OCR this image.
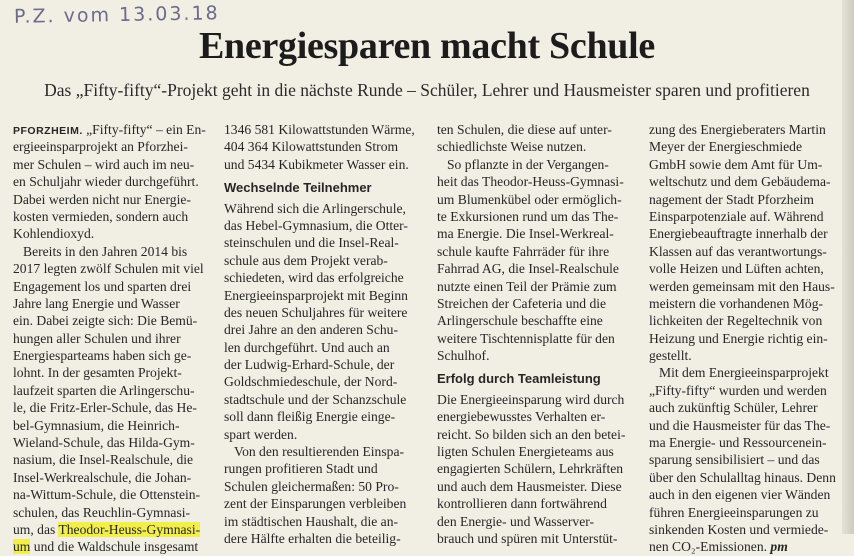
P.Z. vom 13.03.18
Energiesparen macht Schule
Das „Fifty-fifty“-Projekt geht in die nächste Runde – Schüler, Lehrer und Hausmeister sparen und profitieren
PFORZHEIM. „Fifty-fifty“ – ein En-
ergieeinsparprojekt an Pforzhei-
mer Schulen – wird auch im neu-
en Schuljahr wieder durchgeführt.
Dabei werden nicht nur Energie-
kosten vermieden, sondern auch
Kohlendioxyd.
Bereits in den Jahren 2014 bis
2017 legten zwölf Schulen mit viel
Engagement los und sparten drei
Jahre lang Energie und Wasser
ein. Dabei zeigte sich: Die Bemü-
hungen aller Schulen und ihrer
Energiesparteams haben sich ge-
lohnt. In der gesamten Projekt-
laufzeit sparten die Arlingerschu-
le, die Fritz-Erler-Schule, das He-
bel-Gymnasium, die Heinrich-
Wieland-Schule, das Hilda-Gym-
nasium, die Insel-Realschule, die
Insel-Werkrealschule, die Johan-
na-Wittum-Schule, die Ottenstein-
schulen, das Reuchlin-Gymnasi-
um, das Theodor-Heuss-Gymnasi-
um und die Waldschule insgesamt
1346 581 Kilowattstunden Wärme,
404 364 Kilowattstunden Strom
und 5434 Kubikmeter Wasser ein.
Wechselnde Teilnehmer
Während sich die Arlingerschule,
das Hebel-Gymnasium, die Otter-
steinschulen und die Insel-Real-
schule aus dem Projekt verab-
schiedeten, wird das erfolgreiche
Energieeinsparprojekt mit Beginn
des neuen Schuljahres für weitere
drei Jahre an den anderen Schu-
len durchgeführt. Und auch an
der Ludwig-Erhard-Schule, der
Goldschmiedeschule, der Nord-
stadtschule und der Schanzschule
soll dann fleißig Energie einge-
spart werden.
Von den resultierenden Einspa-
rungen profitieren Stadt und
Schulen gleichermaßen: 50 Pro-
zent der Einsparungen verbleiben
im städtischen Haushalt, die an-
dere Hälfte erhalten die beteilig-
ten Schulen, die diese auf unter-
schiedlichste Weise nutzen.
So pflanzte in der Vergangen-
heit das Theodor-Heuss-Gymnasi-
um Blumenkübel oder ermöglich-
te Exkursionen rund um das The-
ma Energie. Die Insel-Werkreal-
schule kaufte Fahrräder für ihre
Fahrrad AG, die Insel-Realschule
nutzte einen Teil der Prämie zum
Streichen der Cafeteria und die
Arlingerschule beschaffte eine
weitere Tischtennisplatte für den
Schulhof.
Erfolg durch Teamleistung
Die Energieeinsparung wird durch
energiebewusstes Verhalten er-
reicht. So bilden sich an den betei-
ligten Schulen Energieteams aus
engagierten Schülern, Lehrkräften
und auch dem Hausmeister. Diese
kontrollieren dann fortwährend
den Energie- und Wasserver-
brauch und spüren mit Unterstüt-
zung des Energieberaters Martin
Meyer der Energieschmiede
GmbH sowie dem Amt für Um-
weltschutz und dem Gebäudema-
nagement der Stadt Pforzheim
Einsparpotenziale auf. Während
Energiebeauftragte innerhalb der
Klassen auf das verantwortungs-
volle Heizen und Lüften achten,
werden gemeinsam mit den Haus-
meistern die vorhandenen Mög-
lichkeiten der Regeltechnik von
Heizung und Energie richtig ein-
gestellt.
Mit dem Energieeinsparprojekt
„Fifty-fifty“ wurden und werden
auch zukünftig Schüler, Lehrer
und die Hausmeister für das The-
ma Energie- und Ressourcenein-
sparung sensibilisiert – und das
über den Schulalltag hinaus. Denn
auch in den eigenen vier Wänden
führen Energieeinsparungen zu
sinkenden Kosten und vermiede-
nen CO₂-Emissionen. pm
